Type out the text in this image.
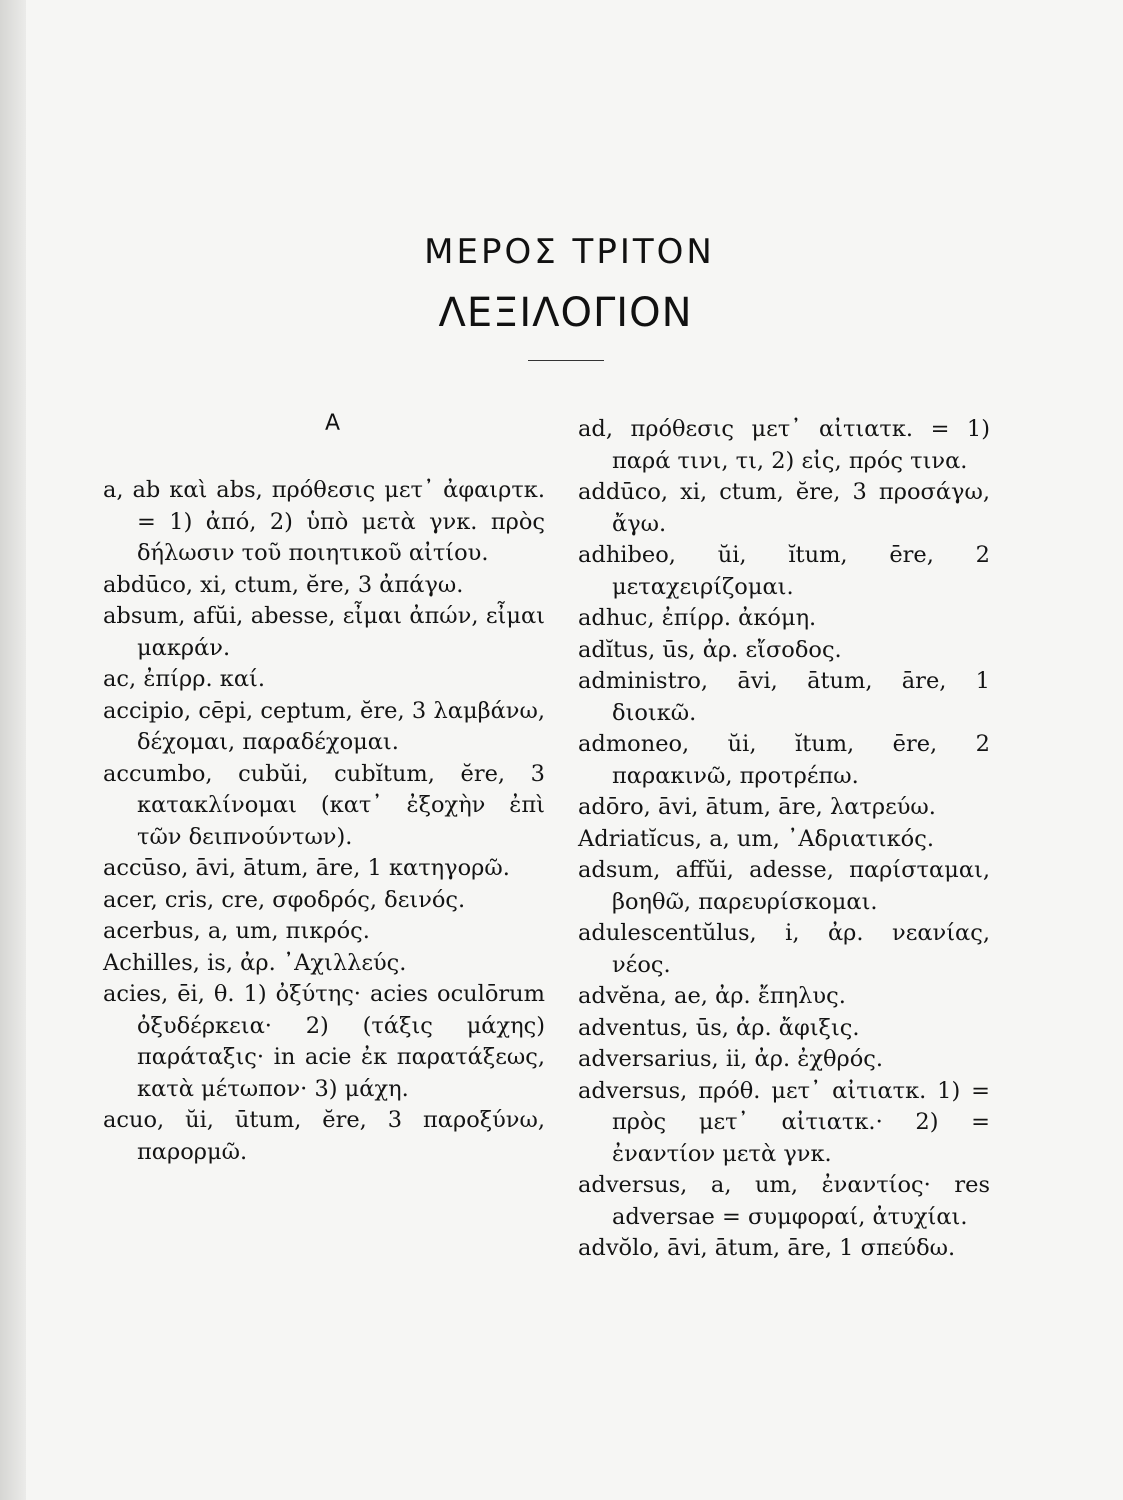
ΜΕΡΟΣ ΤΡΙΤΟΝ
ΛΕΞΙΛΟΓΙΟΝ
Α

a, ab καὶ abs, πρόθεσις μετ᾽ ἀφαιρτκ. = 1) ἀπό, 2) ὑπὸ μετὰ γνκ. πρὸς δήλωσιν τοῦ ποιητικοῦ αἰτίου.

abdūco, xi, ctum, ĕre, 3 ἀπάγω.

absum, afŭi, abesse, εἶμαι ἀπών, εἶμαι μακράν.

ac, ἐπίρρ. καί.

accipio, cēpi, ceptum, ĕre, 3 λαμβάνω, δέχομαι, παραδέχομαι.

accumbo, cubŭi, cubĭtum, ĕre, 3 κατακλίνομαι (κατ᾽ ἐξοχὴν ἐπὶ τῶν δειπνούντων).

accūso, āvi, ātum, āre, 1 κατηγορῶ.

acer, cris, cre, σφοδρός, δεινός.

acerbus, a, um, πικρός.

Achilles, is, ἀρ. ᾽Αχιλλεύς.

acies, ēi, θ. 1) ὀξύτης· acies oculōrum ὀξυδέρκεια· 2) (τάξις μάχης) παράταξις· in acie ἐκ παρατάξεως, κατὰ μέτωπον· 3) μάχη.

acuo, ŭi, ūtum, ĕre, 3 παροξύνω, παρορμῶ.

ad, πρόθεσις μετ᾽ αἰτιατκ. = 1) παρά τινι, τι, 2) εἰς, πρός τινα.

addūco, xi, ctum, ĕre, 3 προσάγω, ἄγω.

adhibeo, ŭi, ĭtum, ēre, 2 μεταχειρίζομαι.

adhuc, ἐπίρρ. ἀκόμη.

adĭtus, ūs, ἀρ. εἴσοδος.

administro, āvi, ātum, āre, 1 διοικῶ.

admoneo, ŭi, ĭtum, ēre, 2 παρακινῶ, προτρέπω.

adōro, āvi, ātum, āre, λατρεύω.

Adriatĭcus, a, um, ᾽Αδριατικός.

adsum, affŭi, adesse, παρίσταμαι, βοηθῶ, παρευρίσκομαι.

adulescentŭlus, i, ἀρ. νεανίας, νέος.

advĕna, ae, ἀρ. ἔπηλυς.

adventus, ūs, ἀρ. ἄφιξις.

adversarius, ii, ἀρ. ἐχθρός.

adversus, πρόθ. μετ᾽ αἰτιατκ. 1) = πρὸς μετ᾽ αἰτιατκ.· 2) = ἐναντίον μετὰ γνκ.

adversus, a, um, ἐναντίος· res adversae = συμφοραί, ἀτυχίαι.

advŏlo, āvi, ātum, āre, 1 σπεύδω.
